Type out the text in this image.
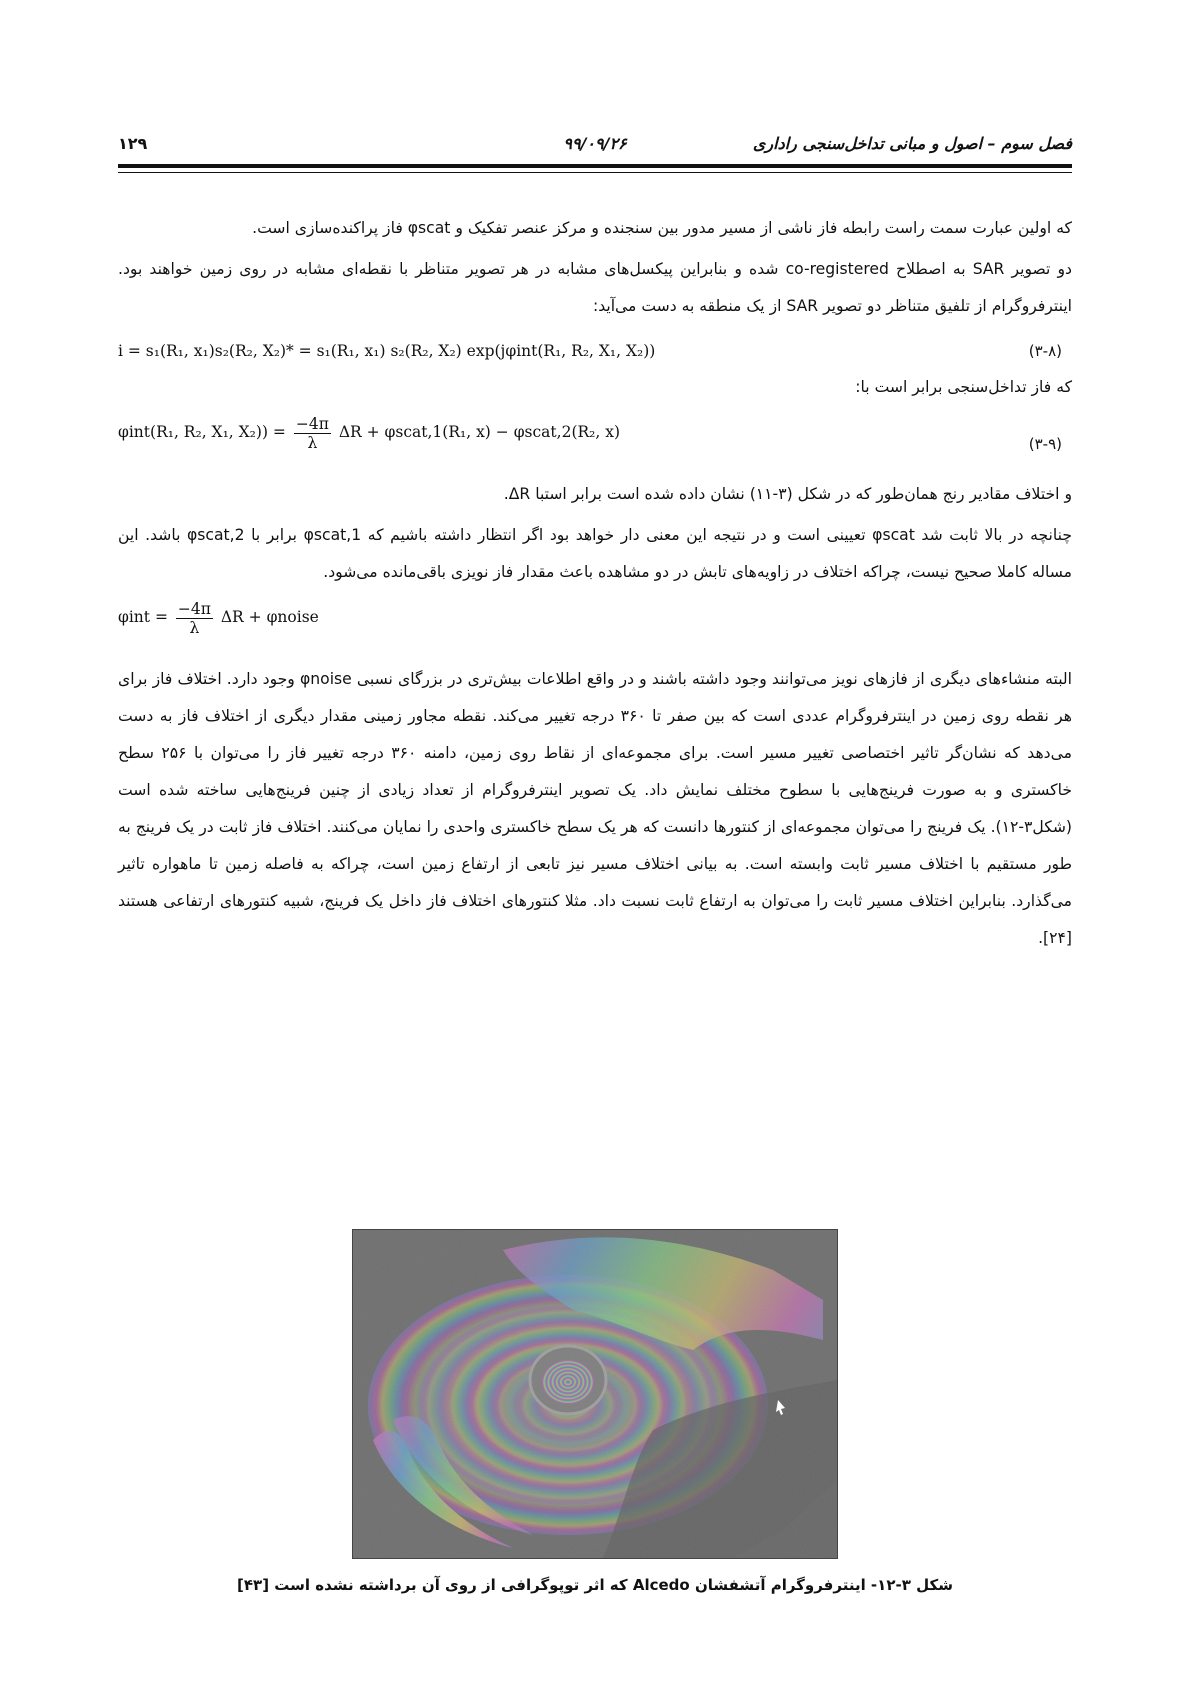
فصل سوم – اصول و مبانی تداخل‌سنجی راداری
۹۹/۰۹/۲۶
۱۲۹

که اولین عبارت سمت راست رابطه فاز ناشی از مسیر مدور بین سنجنده و مرکز عنصر تفکیک و φscat فاز پراکنده‌سازی است.

دو تصویر SAR به اصطلاح co-registered شده و بنابراین پیکسل‌های مشابه در هر تصویر متناظر با نقطه‌ای مشابه در روی زمین خواهند بود. اینترفروگرام از تلفیق متناظر دو تصویر SAR از یک منطقه به دست می‌آید:

i = s₁(R₁, x₁)s₂(R₂, X₂)* = s₁(R₁, x₁) s₂(R₂, X₂) exp(jφint(R₁, R₂, X₁, X₂))	(۳-۸)

که فاز تداخل‌سنجی برابر است با:

φint(R₁, R₂, X₁, $X_2)) = \frac{-4\pi}{\lambda}$ ΔR + φscat,1(R₁, x) − φscat,2(R₂, x)
(۳-۹)

و اختلاف مقادیر رنج همان‌طور که در شکل (۳-۱۱) نشان داده شده است برابر استبا ΔR.

چنانچه در بالا ثابت شد φscat تعیینی است و در نتیجه این معنی دار خواهد بود اگر انتظار داشته باشیم که φscat,1 برابر با φscat,2 باشد. این مساله کاملا صحیح نیست، چراکه اختلاف در زاویه‌های تابش در دو مشاهده باعث مقدار فاز نویزی باقی‌مانده می‌شود.

$\varphi int = \frac{-4\pi}{\lambda}$ ΔR + φnoise

البته منشاءهای دیگری از فازهای نویز می‌توانند وجود داشته باشند و در واقع اطلاعات بیش‌تری در بزرگای نسبی φnoise وجود دارد. اختلاف فاز برای هر نقطه روی زمین در اینترفروگرام عددی است که بین صفر تا ۳۶۰ درجه تغییر می‌کند. نقطه مجاور زمینی مقدار دیگری از اختلاف فاز به دست می‌دهد که نشان‌گر تاثیر اختصاصی تغییر مسیر است. برای مجموعه‌ای از نقاط روی زمین، دامنه ۳۶۰ درجه تغییر فاز را می‌توان با ۲۵۶ سطح خاکستری و به صورت فرینج‌هایی با سطوح مختلف نمایش داد. یک تصویر اینترفروگرام از تعداد زیادی از چنین فرینج‌هایی ساخته شده است (شکل۳-۱۲). یک فرینج را می‌توان مجموعه‌ای از کنتورها دانست که هر یک سطح خاکستری واحدی را نمایان می‌کنند. اختلاف فاز ثابت در یک فرینج به طور مستقیم با اختلاف مسیر ثابت وابسته است. به بیانی اختلاف مسیر نیز تابعی از ارتفاع زمین است، چراکه به فاصله زمین تا ماهواره تاثیر می‌گذارد. بنابراین اختلاف مسیر ثابت را می‌توان به ارتفاع ثابت نسبت داد. مثلا کنتورهای اختلاف فاز داخل یک فرینج، شبیه کنتورهای ارتفاعی هستند [۲۴].

شکل ۳-۱۲- اینترفروگرام آتشفشان Alcedo که اثر توپوگرافی از روی آن برداشته نشده است [۴۳]
